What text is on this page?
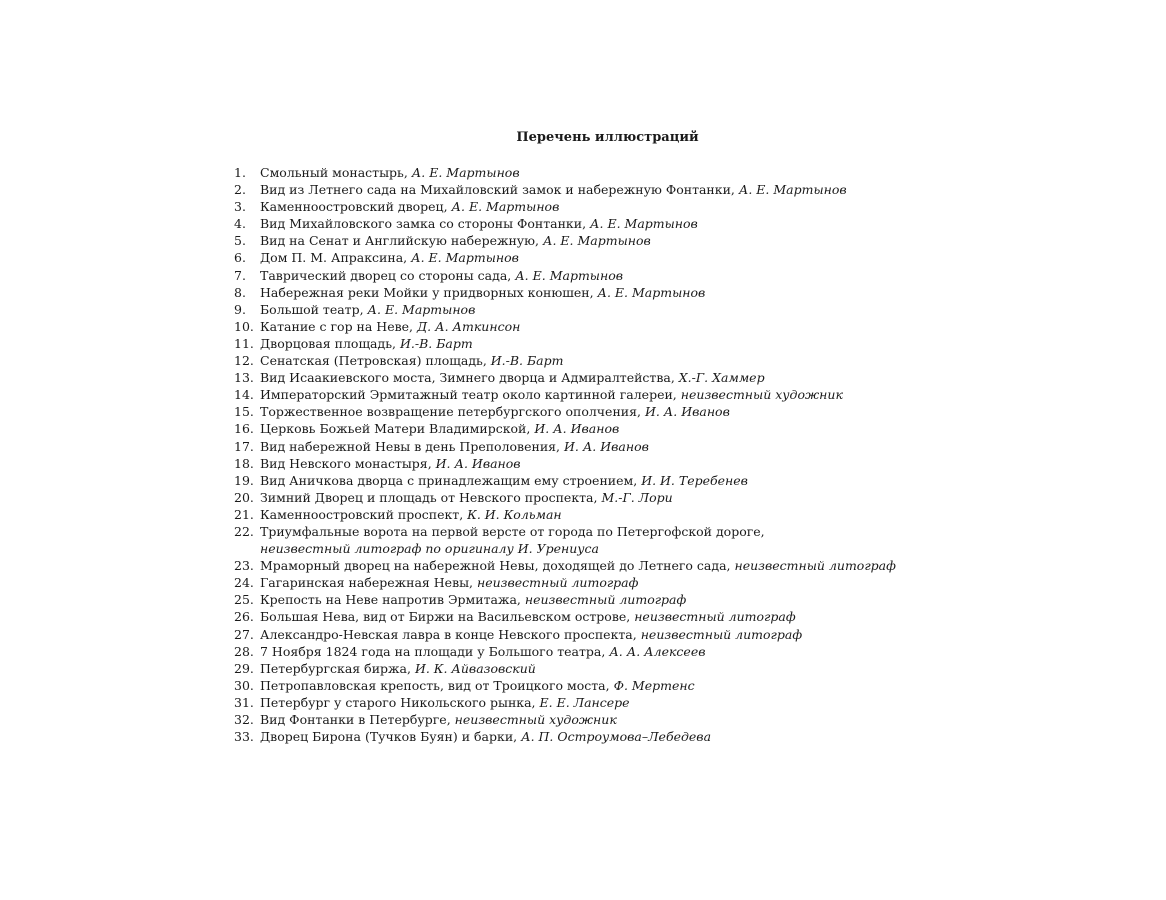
Перечень иллюстраций
1. Смольный монастырь, А. Е. Мартынов
2. Вид из Летнего сада на Михайловский замок и набережную Фонтанки, А. Е. Мартынов
3. Каменноостровский дворец, А. Е. Мартынов
4. Вид Михайловского замка со стороны Фонтанки, А. Е. Мартынов
5. Вид на Сенат и Английскую набережную, А. Е. Мартынов
6. Дом П. М. Апраксина, А. Е. Мартынов
7. Таврический дворец со стороны сада, А. Е. Мартынов
8. Набережная реки Мойки у придворных конюшен, А. Е. Мартынов
9. Большой театр, А. Е. Мартынов
10. Катание с гор на Неве, Д. А. Аткинсон
11. Дворцовая площадь, И.-В. Барт
12. Сенатская (Петровская) площадь, И.-В. Барт
13. Вид Исаакиевского моста, Зимнего дворца и Адмиралтейства, Х.-Г. Хаммер
14. Императорский Эрмитажный театр около картинной галереи, неизвестный художник
15. Торжественное возвращение петербургского ополчения, И. А. Иванов
16. Церковь Божьей Матери Владимирской, И. А. Иванов
17. Вид набережной Невы в день Преполовения, И. А. Иванов
18. Вид Невского монастыря, И. А. Иванов
19. Вид Аничкова дворца с принадлежащим ему строением, И. И. Теребенев
20. Зимний Дворец и площадь от Невского проспекта, М.-Г. Лори
21. Каменноостровский проспект, К. И. Кольман
22. Триумфальные ворота на первой версте от города по Петергофской дороге,
неизвестный литограф по оригиналу И. Урениуса
23. Мраморный дворец на набережной Невы, доходящей до Летнего сада, неизвестный литограф
24. Гагаринская набережная Невы, неизвестный литограф
25. Крепость на Неве напротив Эрмитажа, неизвестный литограф
26. Большая Нева, вид от Биржи на Васильевском острове, неизвестный литограф
27. Александро-Невская лавра в конце Невского проспекта, неизвестный литограф
28. 7 Ноября 1824 года на площади у Большого театра, А. А. Алексеев
29. Петербургская биржа, И. К. Айвазовский
30. Петропавловская крепость, вид от Троицкого моста, Ф. Мертенс
31. Петербург у старого Никольского рынка, Е. Е. Лансере
32. Вид Фонтанки в Петербурге, неизвестный художник
33. Дворец Бирона (Тучков Буян) и барки, А. П. Остроумова–Лебедева
